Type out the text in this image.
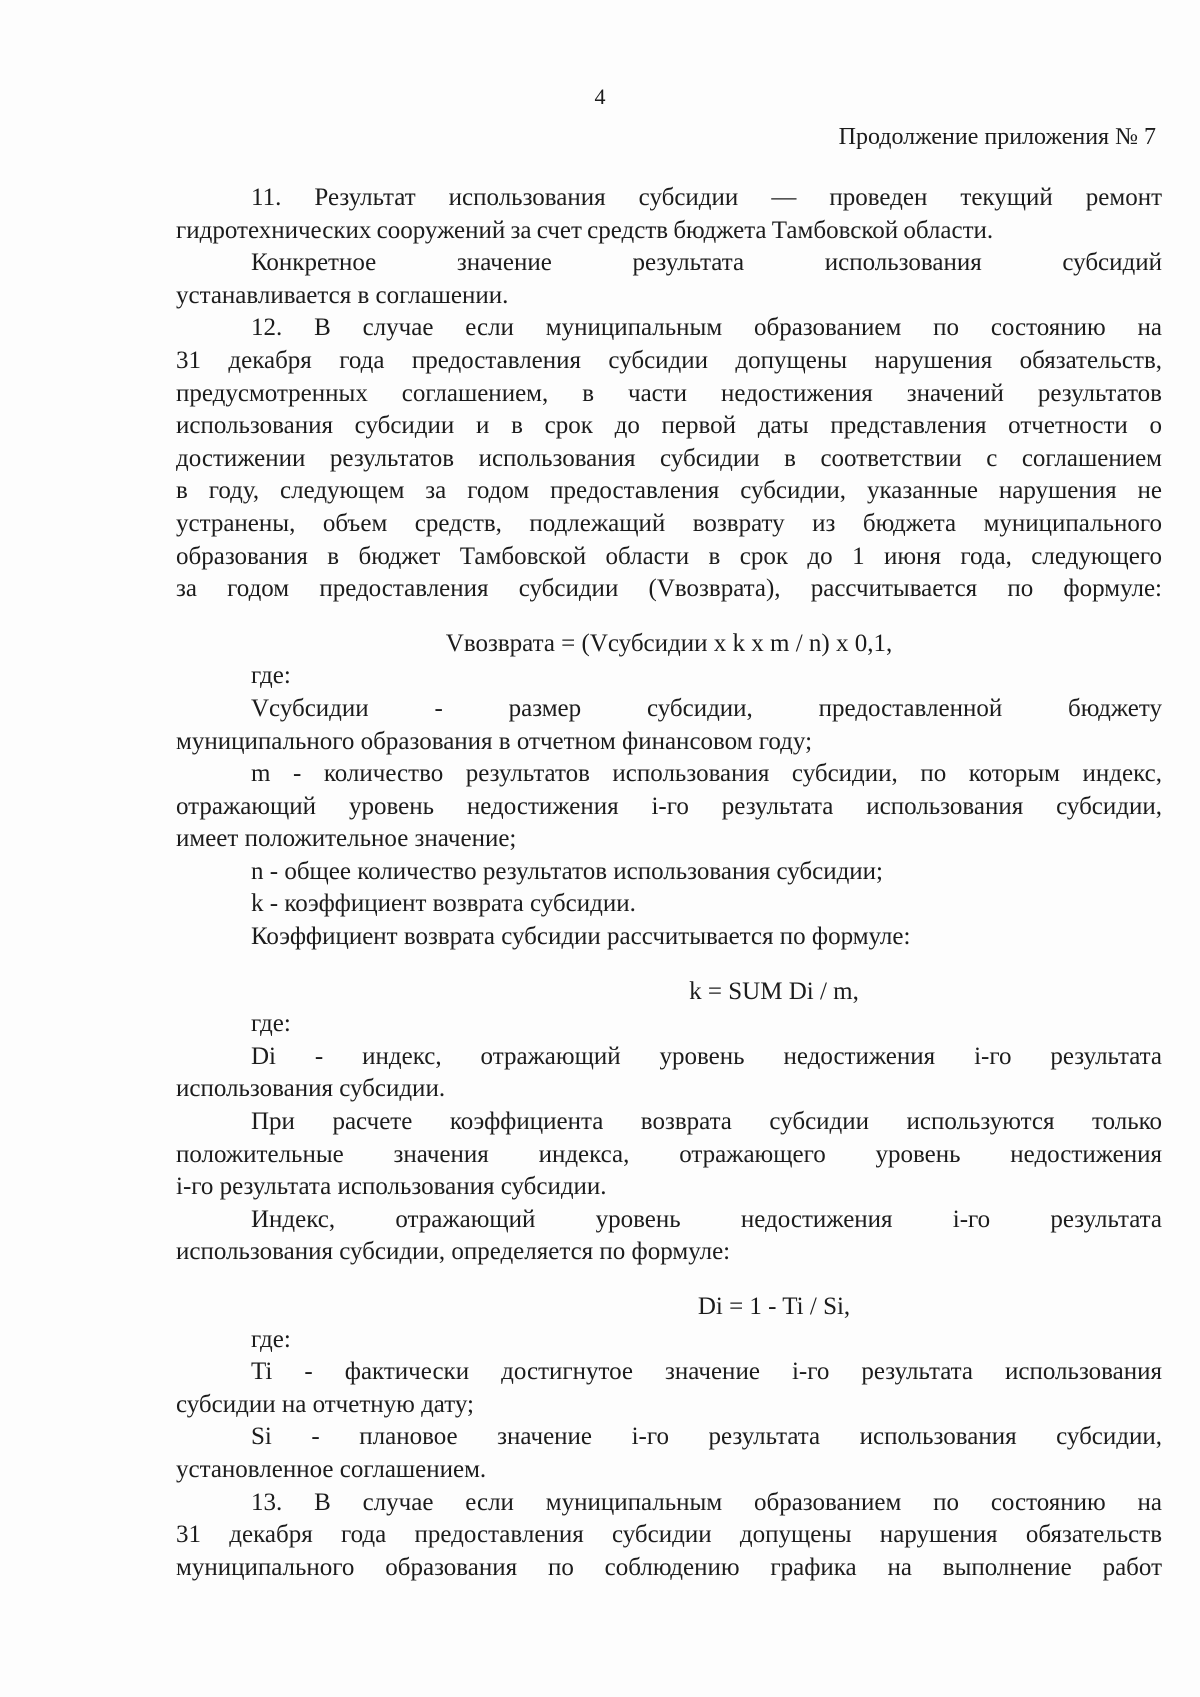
4
Продолжение приложения № 7
11. Результат использования субсидии — проведен текущий ремонт
гидротехнических сооружений за счет средств бюджета Тамбовской области.
Конкретное значение результата использования субсидий
устанавливается в соглашении.
12. В случае если муниципальным образованием по состоянию на
31 декабря года предоставления субсидии допущены нарушения обязательств,
предусмотренных соглашением, в части недостижения значений результатов
использования субсидии и в срок до первой даты представления отчетности о
достижении результатов использования субсидии в соответствии с соглашением
в году, следующем за годом предоставления субсидии, указанные нарушения не
устранены, объем средств, подлежащий возврату из бюджета муниципального
образования в бюджет Тамбовской области в срок до 1 июня года, следующего
за годом предоставления субсидии (Vвозврата), рассчитывается по формуле:
Vвозврата = (Vсубсидии x k x m / n) x 0,1,
где:
Vсубсидии - размер субсидии, предоставленной бюджету
муниципального образования в отчетном финансовом году;
m - количество результатов использования субсидии, по которым индекс,
отражающий уровень недостижения i-го результата использования субсидии,
имеет положительное значение;
n - общее количество результатов использования субсидии;
k - коэффициент возврата субсидии.
Коэффициент возврата субсидии рассчитывается по формуле:
k = SUM Di / m,
где:
Di - индекс, отражающий уровень недостижения i-го результата
использования субсидии.
При расчете коэффициента возврата субсидии используются только
положительные значения индекса, отражающего уровень недостижения
i-го результата использования субсидии.
Индекс, отражающий уровень недостижения i-го результата
использования субсидии, определяется по формуле:
Di = 1 - Ti / Si,
где:
Ti - фактически достигнутое значение i-го результата использования
субсидии на отчетную дату;
Si - плановое значение i-го результата использования субсидии,
установленное соглашением.
13. В случае если муниципальным образованием по состоянию на
31 декабря года предоставления субсидии допущены нарушения обязательств
муниципального образования по соблюдению графика на выполнение работ
